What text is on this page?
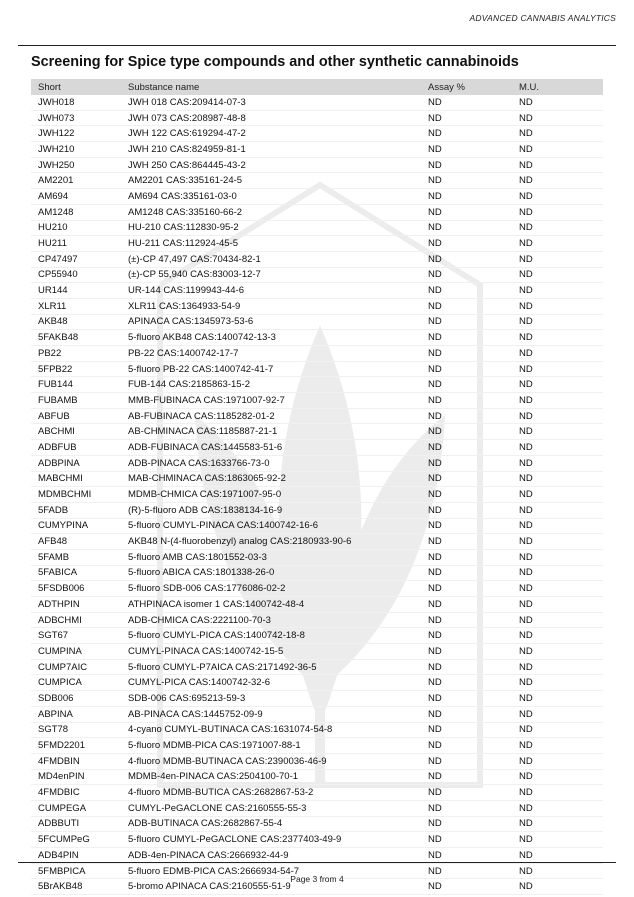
ADVANCED CANNABIS ANALYTICS
Screening for Spice type compounds and other synthetic cannabinoids
Short	Substance name	Assay %	M.U.
JWH018	JWH 018 CAS:209414-07-3	ND	ND
JWH073	JWH 073 CAS:208987-48-8	ND	ND
JWH122	JWH 122 CAS:619294-47-2	ND	ND
JWH210	JWH 210 CAS:824959-81-1	ND	ND
JWH250	JWH 250 CAS:864445-43-2	ND	ND
AM2201	AM2201 CAS:335161-24-5	ND	ND
AM694	AM694 CAS:335161-03-0	ND	ND
AM1248	AM1248 CAS:335160-66-2	ND	ND
HU210	HU-210 CAS:112830-95-2	ND	ND
HU211	HU-211 CAS:112924-45-5	ND	ND
CP47497	(±)-CP 47,497 CAS:70434-82-1	ND	ND
CP55940	(±)-CP 55,940 CAS:83003-12-7	ND	ND
UR144	UR-144 CAS:1199943-44-6	ND	ND
XLR11	XLR11 CAS:1364933-54-9	ND	ND
AKB48	APINACA CAS:1345973-53-6	ND	ND
5FAKB48	5-fluoro AKB48 CAS:1400742-13-3	ND	ND
PB22	PB-22 CAS:1400742-17-7	ND	ND
5FPB22	5-fluoro PB-22 CAS:1400742-41-7	ND	ND
FUB144	FUB-144 CAS:2185863-15-2	ND	ND
FUBAMB	MMB-FUBINACA CAS:1971007-92-7	ND	ND
ABFUB	AB-FUBINACA CAS:1185282-01-2	ND	ND
ABCHMI	AB-CHMINACA CAS:1185887-21-1	ND	ND
ADBFUB	ADB-FUBINACA CAS:1445583-51-6	ND	ND
ADBPINA	ADB-PINACA CAS:1633766-73-0	ND	ND
MABCHMI	MAB-CHMINACA CAS:1863065-92-2	ND	ND
MDMBCHMI	MDMB-CHMICA CAS:1971007-95-0	ND	ND
5FADB	(R)-5-fluoro ADB CAS:1838134-16-9	ND	ND
CUMYPINA	5-fluoro CUMYL-PINACA CAS:1400742-16-6	ND	ND
AFB48	AKB48 N-(4-fluorobenzyl) analog CAS:2180933-90-6	ND	ND
5FAMB	5-fluoro AMB CAS:1801552-03-3	ND	ND
5FABICA	5-fluoro ABICA CAS:1801338-26-0	ND	ND
5FSDB006	5-fluoro SDB-006 CAS:1776086-02-2	ND	ND
ADTHPIN	ATHPINACA isomer 1 CAS:1400742-48-4	ND	ND
ADBCHMI	ADB-CHMICA CAS:2221100-70-3	ND	ND
SGT67	5-fluoro CUMYL-PICA CAS:1400742-18-8	ND	ND
CUMPINA	CUMYL-PINACA CAS:1400742-15-5	ND	ND
CUMP7AIC	5-fluoro CUMYL-P7AICA CAS:2171492-36-5	ND	ND
CUMPICA	CUMYL-PICA CAS:1400742-32-6	ND	ND
SDB006	SDB-006 CAS:695213-59-3	ND	ND
ABPINA	AB-PINACA CAS:1445752-09-9	ND	ND
SGT78	4-cyano CUMYL-BUTINACA CAS:1631074-54-8	ND	ND
5FMD2201	5-fluoro MDMB-PICA CAS:1971007-88-1	ND	ND
4FMDBIN	4-fluoro MDMB-BUTINACA CAS:2390036-46-9	ND	ND
MD4enPIN	MDMB-4en-PINACA CAS:2504100-70-1	ND	ND
4FMDBIC	4-fluoro MDMB-BUTICA CAS:2682867-53-2	ND	ND
CUMPEGA	CUMYL-PeGACLONE CAS:2160555-55-3	ND	ND
ADBBUTI	ADB-BUTINACA CAS:2682867-55-4	ND	ND
5FCUMPeG	5-fluoro CUMYL-PeGACLONE CAS:2377403-49-9	ND	ND
ADB4PIN	ADB-4en-PINACA CAS:2666932-44-9	ND	ND
5FMBPICA	5-fluoro EDMB-PICA CAS:2666934-54-7	ND	ND
5BrAKB48	5-bromo APINACA CAS:2160555-51-9	ND	ND
Page 3 from 4
